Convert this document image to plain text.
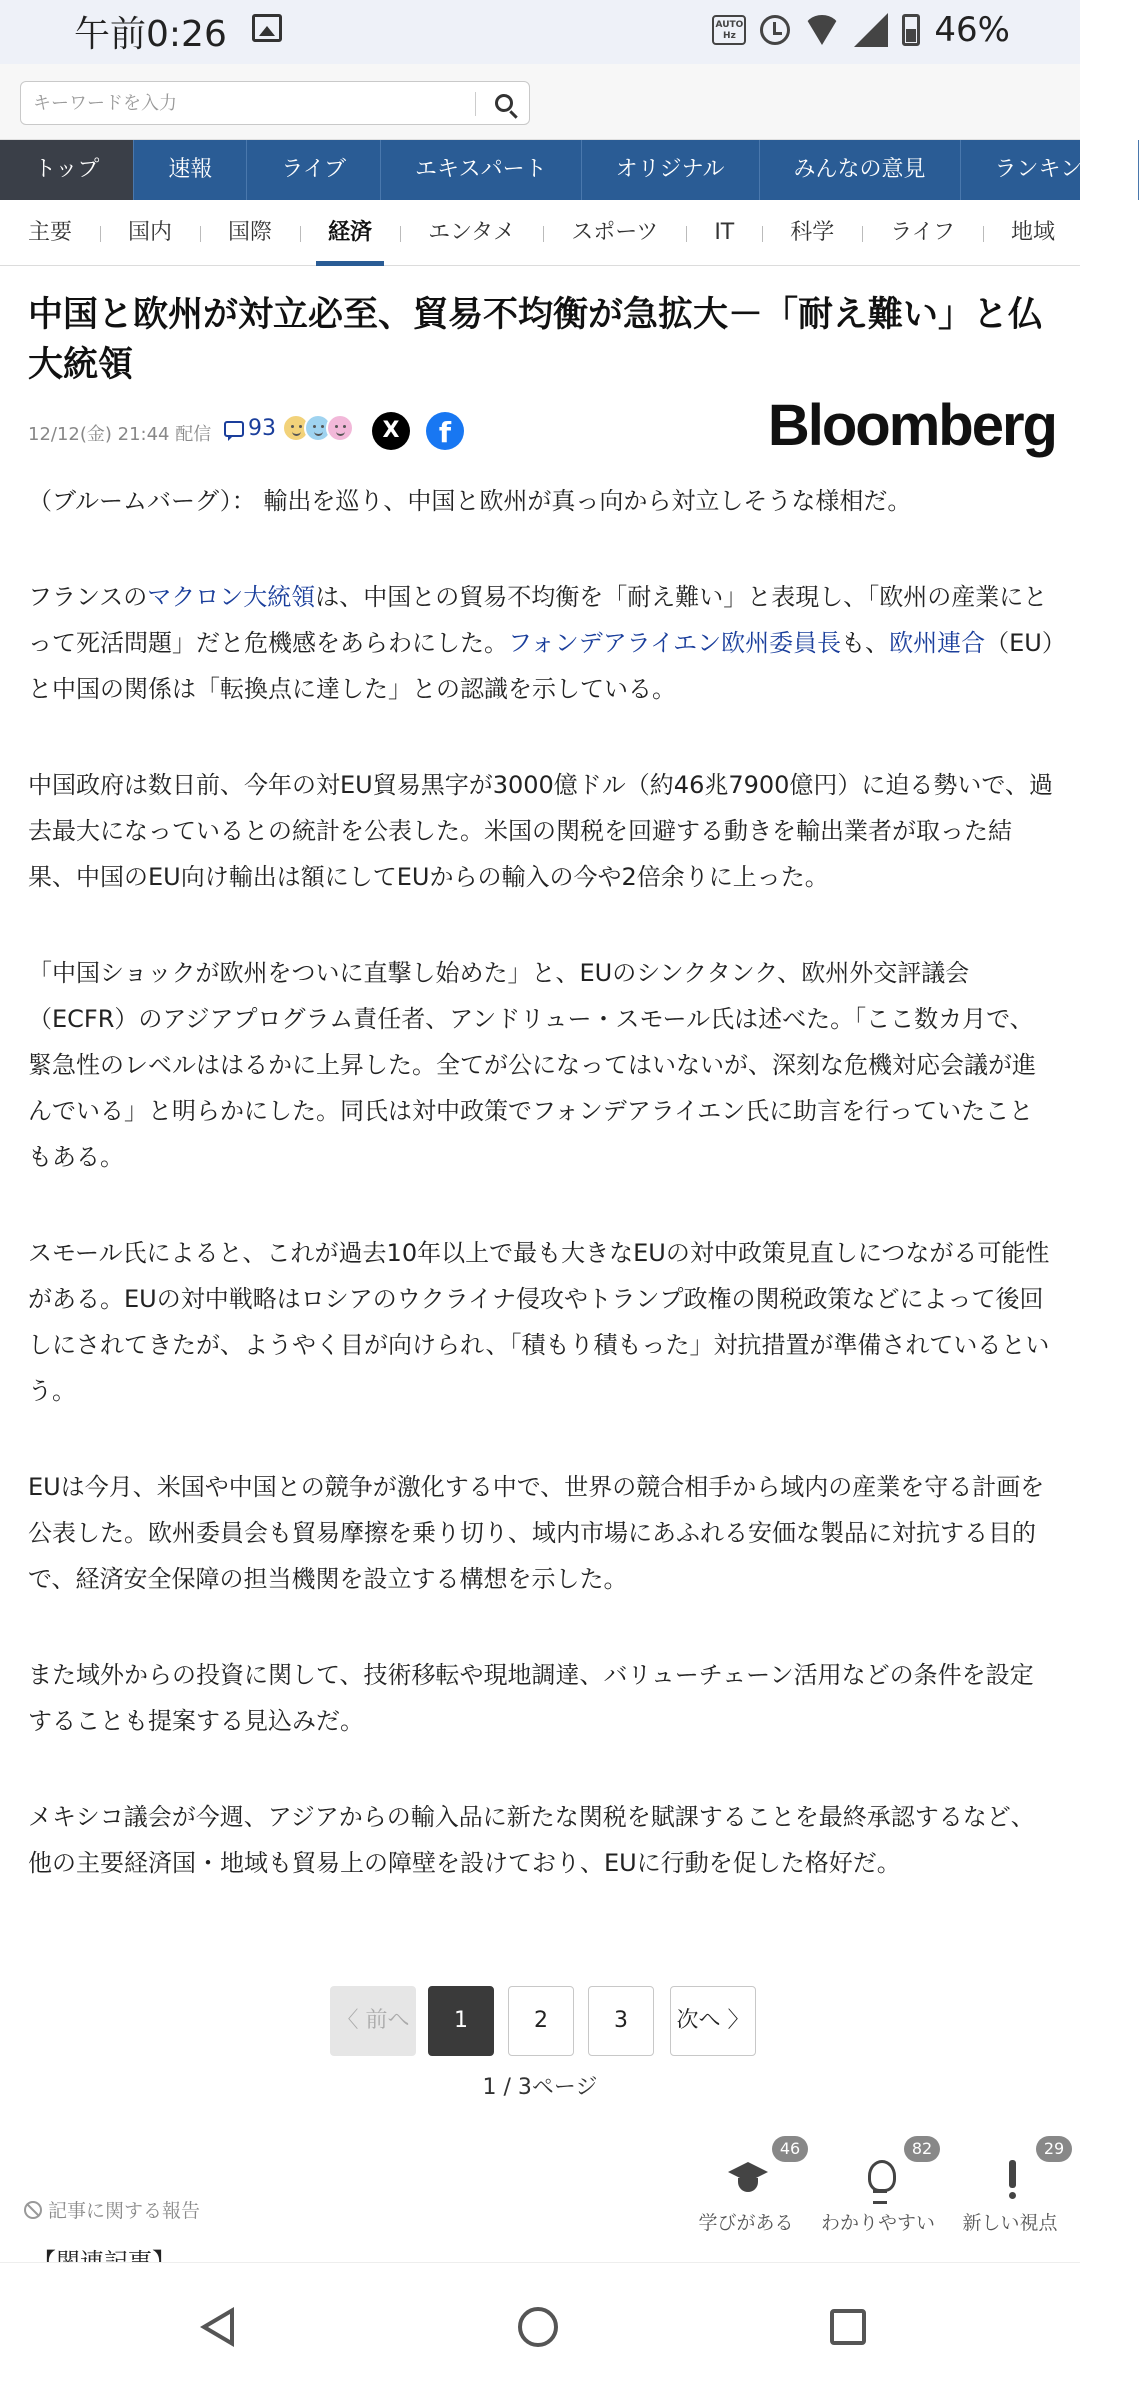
午前0:26	AUTO Hz	46%
キーワードを入力
トップ	速報	ライブ	エキスパート	オリジナル	みんなの意見	ランキング
主要	国内	国際	経済	エンタメ	スポーツ	IT	科学	ライフ	地域
中国と欧州が対立必至、貿易不均衡が急拡大－「耐え難い」と仏大統領
12/12(金) 21:44 配信 93	X	f	Bloomberg

（ブルームバーグ）： 輸出を巡り、中国と欧州が真っ向から対立しそうな様相だ。

フランスのマクロン大統領は、中国との貿易不均衡を「耐え難い」と表現し、「欧州の産業にとって死活問題」だと危機感をあらわにした。フォンデアライエン欧州委員長も、欧州連合（EU）と中国の関係は「転換点に達した」との認識を示している。

中国政府は数日前、今年の対EU貿易黒字が3000億ドル（約46兆7900億円）に迫る勢いで、過去最大になっているとの統計を公表した。米国の関税を回避する動きを輸出業者が取った結果、中国のEU向け輸出は額にしてEUからの輸入の今や2倍余りに上った。

「中国ショックが欧州をついに直撃し始めた」と、EUのシンクタンク、欧州外交評議会（ECFR）のアジアプログラム責任者、アンドリュー・スモール氏は述べた。「ここ数カ月で、緊急性のレベルははるかに上昇した。全てが公になってはいないが、深刻な危機対応会議が進んでいる」と明らかにした。同氏は対中政策でフォンデアライエン氏に助言を行っていたこともある。

スモール氏によると、これが過去10年以上で最も大きなEUの対中政策見直しにつながる可能性がある。EUの対中戦略はロシアのウクライナ侵攻やトランプ政権の関税政策などによって後回しにされてきたが、ようやく目が向けられ、「積もり積もった」対抗措置が準備されているという。

EUは今月、米国や中国との競争が激化する中で、世界の競合相手から域内の産業を守る計画を公表した。欧州委員会も貿易摩擦を乗り切り、域内市場にあふれる安価な製品に対抗する目的で、経済安全保障の担当機関を設立する構想を示した。

また域外からの投資に関して、技術移転や現地調達、バリューチェーン活用などの条件を設定することも提案する見込みだ。

メキシコ議会が今週、アジアからの輸入品に新たな関税を賦課することを最終承認するなど、他の主要経済国・地域も貿易上の障壁を設けており、EUに行動を促した格好だ。

〈 前へ	1	2	3	次へ 〉
1 / 3ページ
記事に関する報告
46
学びがある
82
わかりやすい
29
新しい視点
